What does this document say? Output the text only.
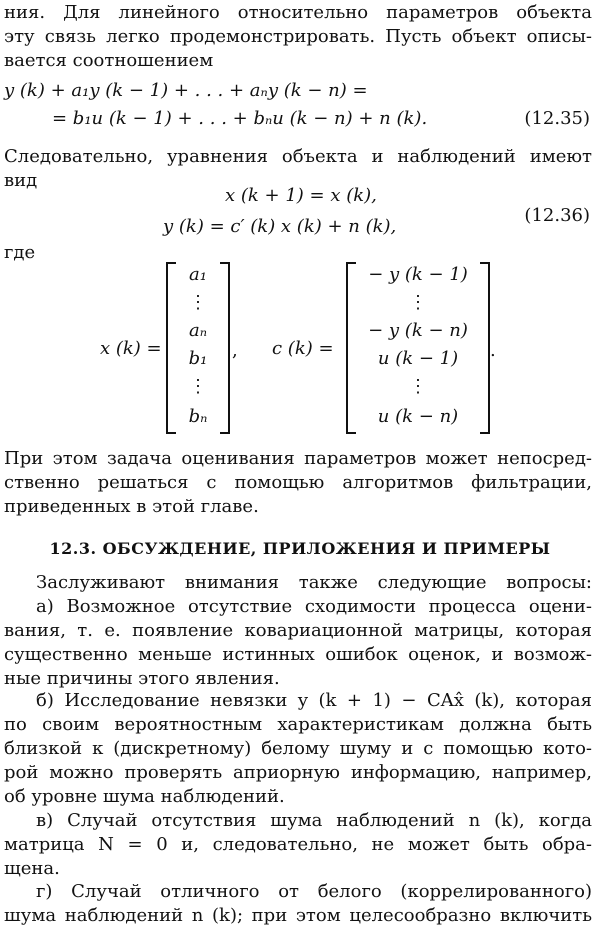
ния. Для линейного относительно параметров объекта
эту связь легко продемонстрировать. Пусть объект описы-
вается соотношением
y (k) + a₁y (k − 1) + . . . + aₙy (k − n) =
= b₁u (k − 1) + . . . + bₙu (k − n) + n (k).	(12.35)
Следовательно, уравнения объекта и наблюдений имеют
вид
x (k + 1) = x (k),
y (k) = c′ (k) x (k) + n (k),
(12.36)
где
x (k) =
a₁
⋮
aₙ
b₁
⋮
bₙ
, c (k) =
− y (k − 1)
⋮
− y (k − n)
u (k − 1)
⋮
u (k − n)
.
При этом задача оценивания параметров может непосред-
ственно решаться с помощью алгоритмов фильтрации,
приведенных в этой главе.
12.3. ОБСУЖДЕНИЕ, ПРИЛОЖЕНИЯ И ПРИМЕРЫ
Заслуживают внимания также следующие вопросы:
а) Возможное отсутствие сходимости процесса оцени-
вания, т. е. появление ковариационной матрицы, которая
существенно меньше истинных ошибок оценок, и возмож-
ные причины этого явления.
б) Исследование невязки y (k + 1) − CAx̂ (k), которая
по своим вероятностным характеристикам должна быть
близкой к (дискретному) белому шуму и с помощью кото-
рой можно проверять априорную информацию, например,
об уровне шума наблюдений.
в) Случай отсутствия шума наблюдений n (k), когда
матрица N = 0 и, следовательно, не может быть обра-
щена.
г) Случай отличного от белого (коррелированного)
шума наблюдений n (k); при этом целесообразно включить
